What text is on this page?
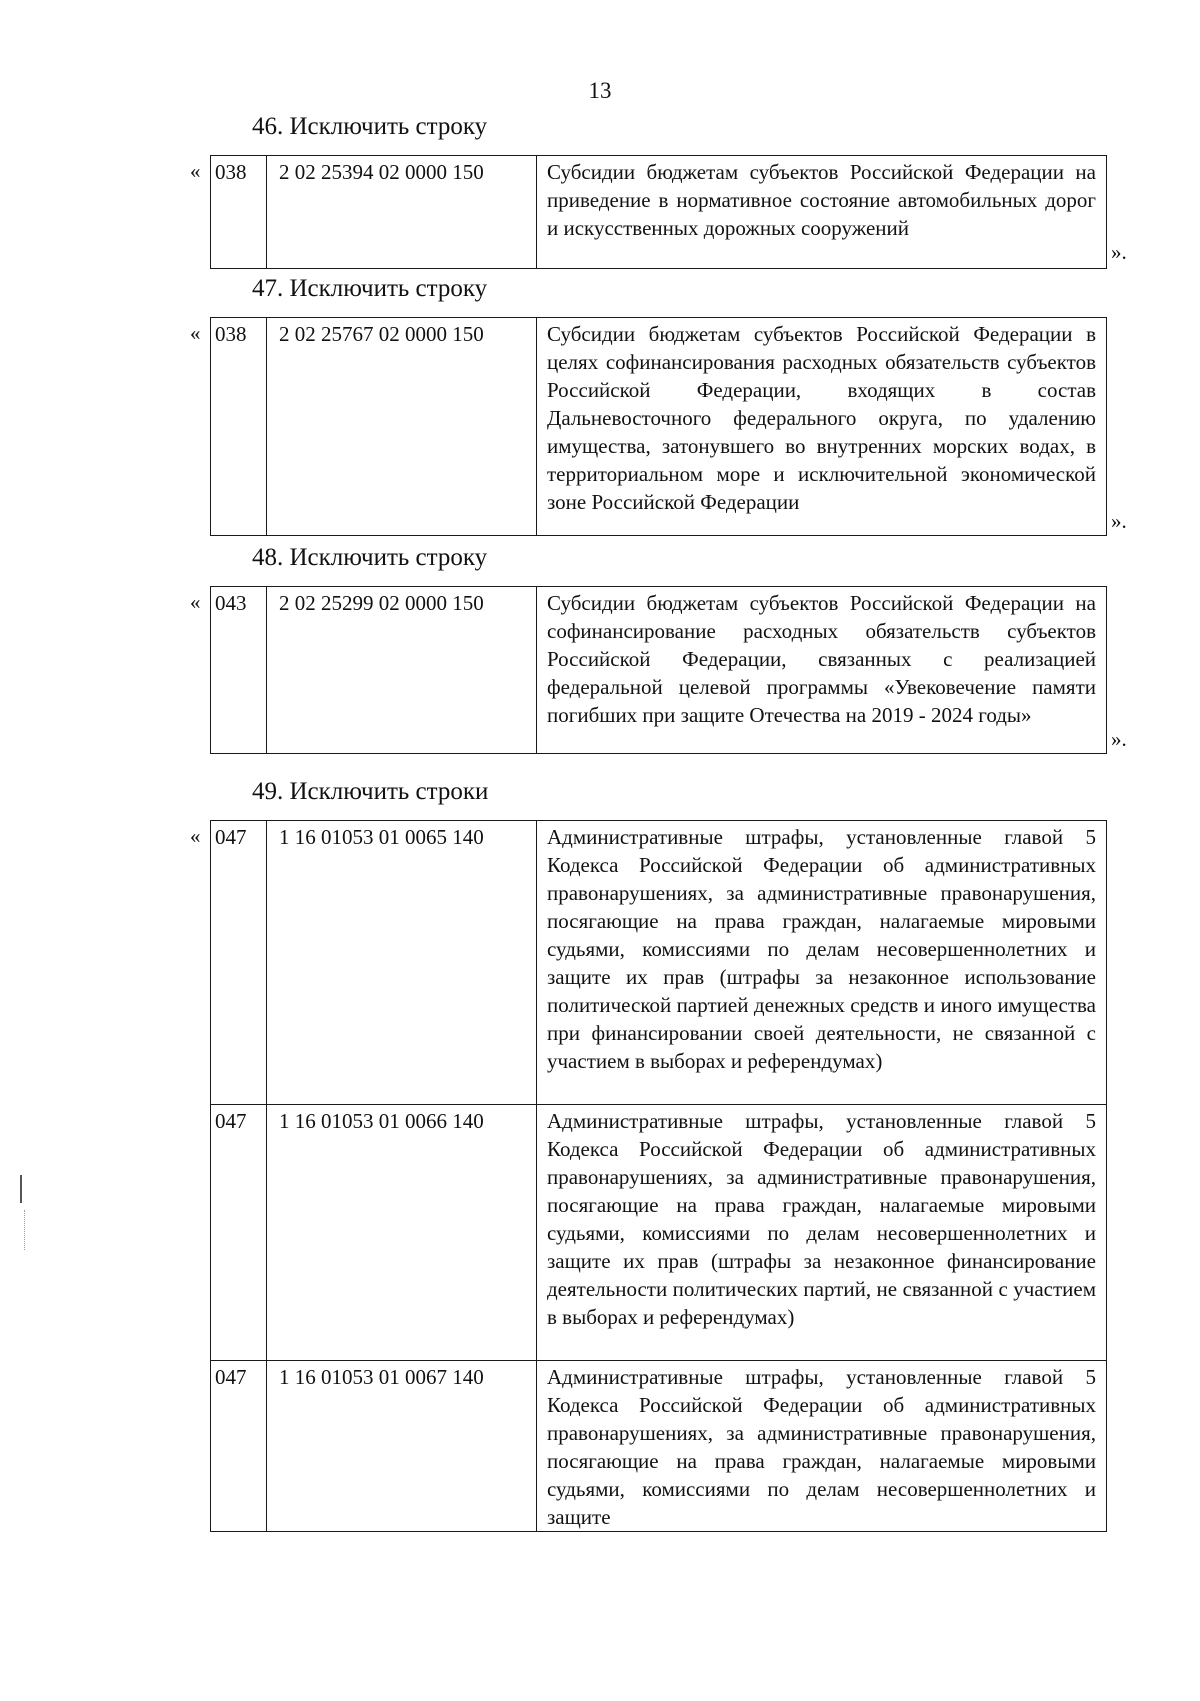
13
46. Исключить строку
« 038	2 02 25394 02 0000 150	Субсидии бюджетам субъектов Российской Федерации на приведение в нормативное состояние автомобильных дорог и искусственных дорожных сооружений
».
47. Исключить строку
« 038	2 02 25767 02 0000 150	Субсидии бюджетам субъектов Российской Федерации в целях софинансирования расходных обязательств субъектов Российской Федерации, входящих в состав Дальневосточного федерального округа, по удалению имущества, затонувшего во внутренних морских водах, в территориальном море и исключительной экономической зоне Российской Федерации
».
48. Исключить строку
« 043	2 02 25299 02 0000 150	Субсидии бюджетам субъектов Российской Федерации на софинансирование расходных обязательств субъектов Российской Федерации, связанных с реализацией федеральной целевой программы «Увековечение памяти погибших при защите Отечества на 2019 - 2024 годы»
».
49. Исключить строки
« 047	1 16 01053 01 0065 140	Административные штрафы, установленные главой 5 Кодекса Российской Федерации об административных правонарушениях, за административные правонарушения, посягающие на права граждан, налагаемые мировыми судьями, комиссиями по делам несовершеннолетних и защите их прав (штрафы за незаконное использование политической партией денежных средств и иного имущества при финансировании своей деятельности, не связанной с участием в выборах и референдумах)
047	1 16 01053 01 0066 140	Административные штрафы, установленные главой 5 Кодекса Российской Федерации об административных правонарушениях, за административные правонарушения, посягающие на права граждан, налагаемые мировыми судьями, комиссиями по делам несовершеннолетних и защите их прав (штрафы за незаконное финансирование деятельности политических партий, не связанной с участием в выборах и референдумах)
047	1 16 01053 01 0067 140	Административные штрафы, установленные главой 5 Кодекса Российской Федерации об административных правонарушениях, за административные правонарушения, посягающие на права граждан, налагаемые мировыми судьями, комиссиями по делам несовершеннолетних и защите
